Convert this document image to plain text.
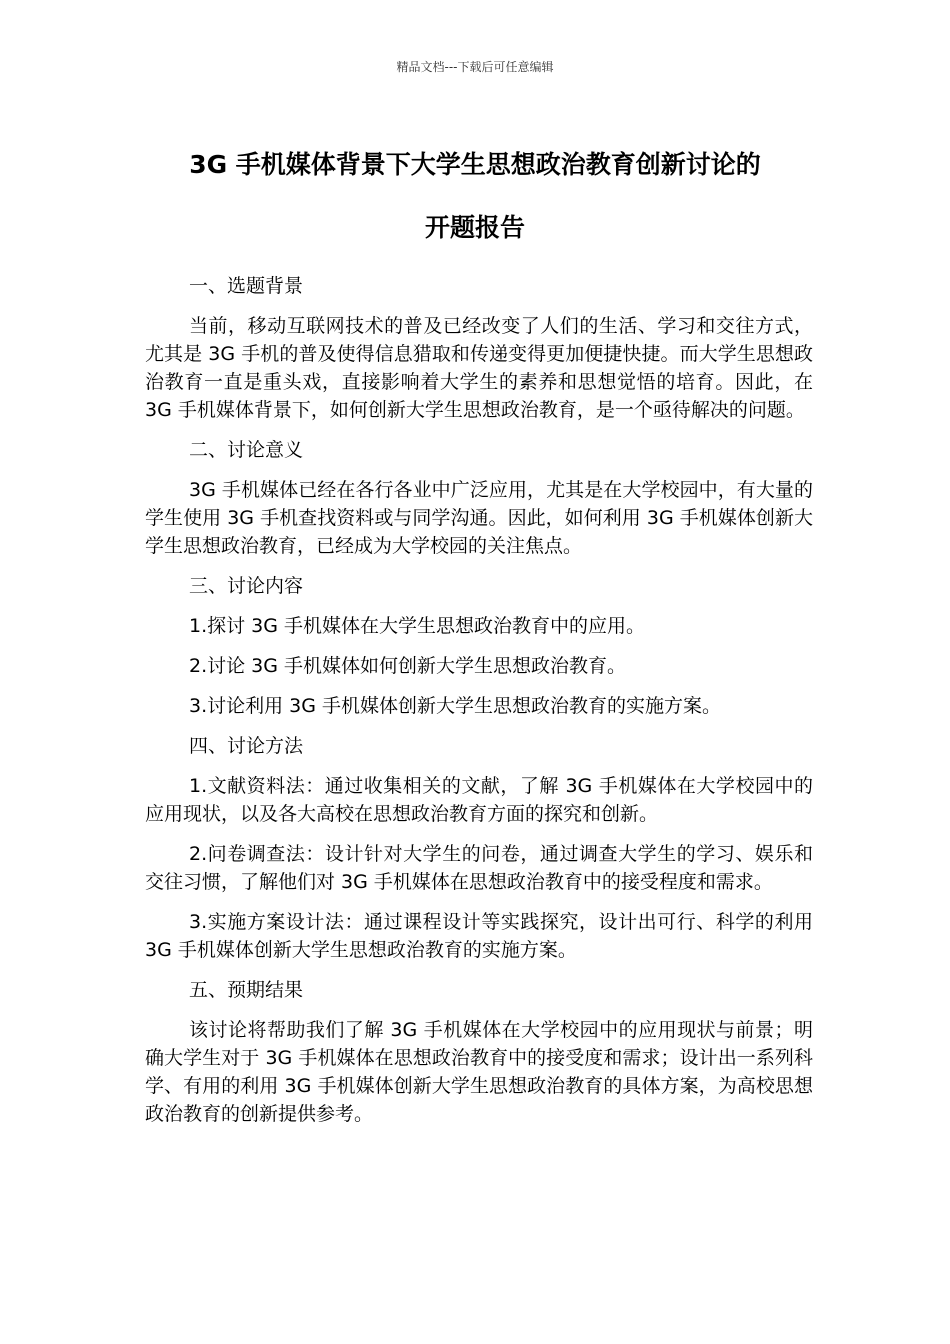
精品文档---下载后可任意编辑
3G 手机媒体背景下大学生思想政治教育创新讨论的
开题报告

一、选题背景

当前，移动互联网技术的普及已经改变了人们的生活、学习和交往方式，尤其是 3G 手机的普及使得信息猎取和传递变得更加便捷快捷。而大学生思想政治教育一直是重头戏，直接影响着大学生的素养和思想觉悟的培育。因此，在 3G 手机媒体背景下，如何创新大学生思想政治教育，是一个亟待解决的问题。

二、讨论意义

3G 手机媒体已经在各行各业中广泛应用，尤其是在大学校园中，有大量的学生使用 3G 手机查找资料或与同学沟通。因此，如何利用 3G 手机媒体创新大学生思想政治教育，已经成为大学校园的关注焦点。

三、讨论内容

1.探讨 3G 手机媒体在大学生思想政治教育中的应用。

2.讨论 3G 手机媒体如何创新大学生思想政治教育。

3.讨论利用 3G 手机媒体创新大学生思想政治教育的实施方案。

四、讨论方法

1.文献资料法：通过收集相关的文献，了解 3G 手机媒体在大学校园中的应用现状，以及各大高校在思想政治教育方面的探究和创新。

2.问卷调查法：设计针对大学生的问卷，通过调查大学生的学习、娱乐和交往习惯，了解他们对 3G 手机媒体在思想政治教育中的接受程度和需求。

3.实施方案设计法：通过课程设计等实践探究，设计出可行、科学的利用 3G 手机媒体创新大学生思想政治教育的实施方案。

五、预期结果

该讨论将帮助我们了解 3G 手机媒体在大学校园中的应用现状与前景；明确大学生对于 3G 手机媒体在思想政治教育中的接受度和需求；设计出一系列科学、有用的利用 3G 手机媒体创新大学生思想政治教育的具体方案，为高校思想政治教育的创新提供参考。
